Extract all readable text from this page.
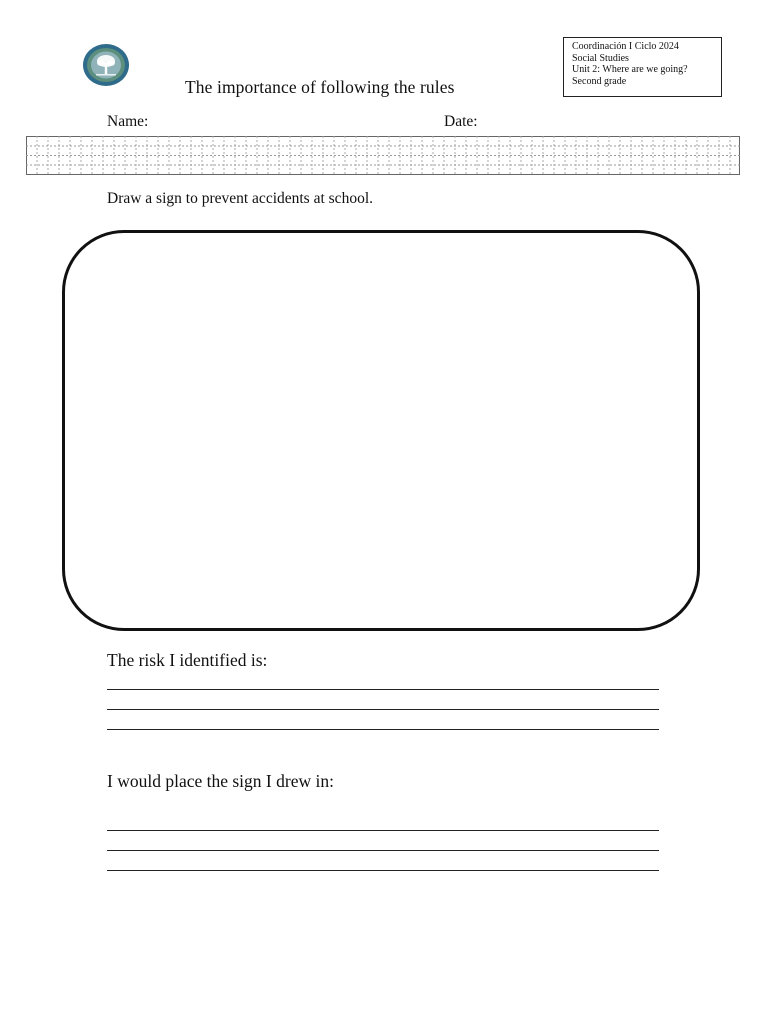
Coordinación I Ciclo 2024
Social Studies
Unit 2: Where are we going?
Second grade
The importance of following the rules
Name:	Date:
Draw a sign to prevent accidents at school.
The risk I identified is:
I would place the sign I drew in:
